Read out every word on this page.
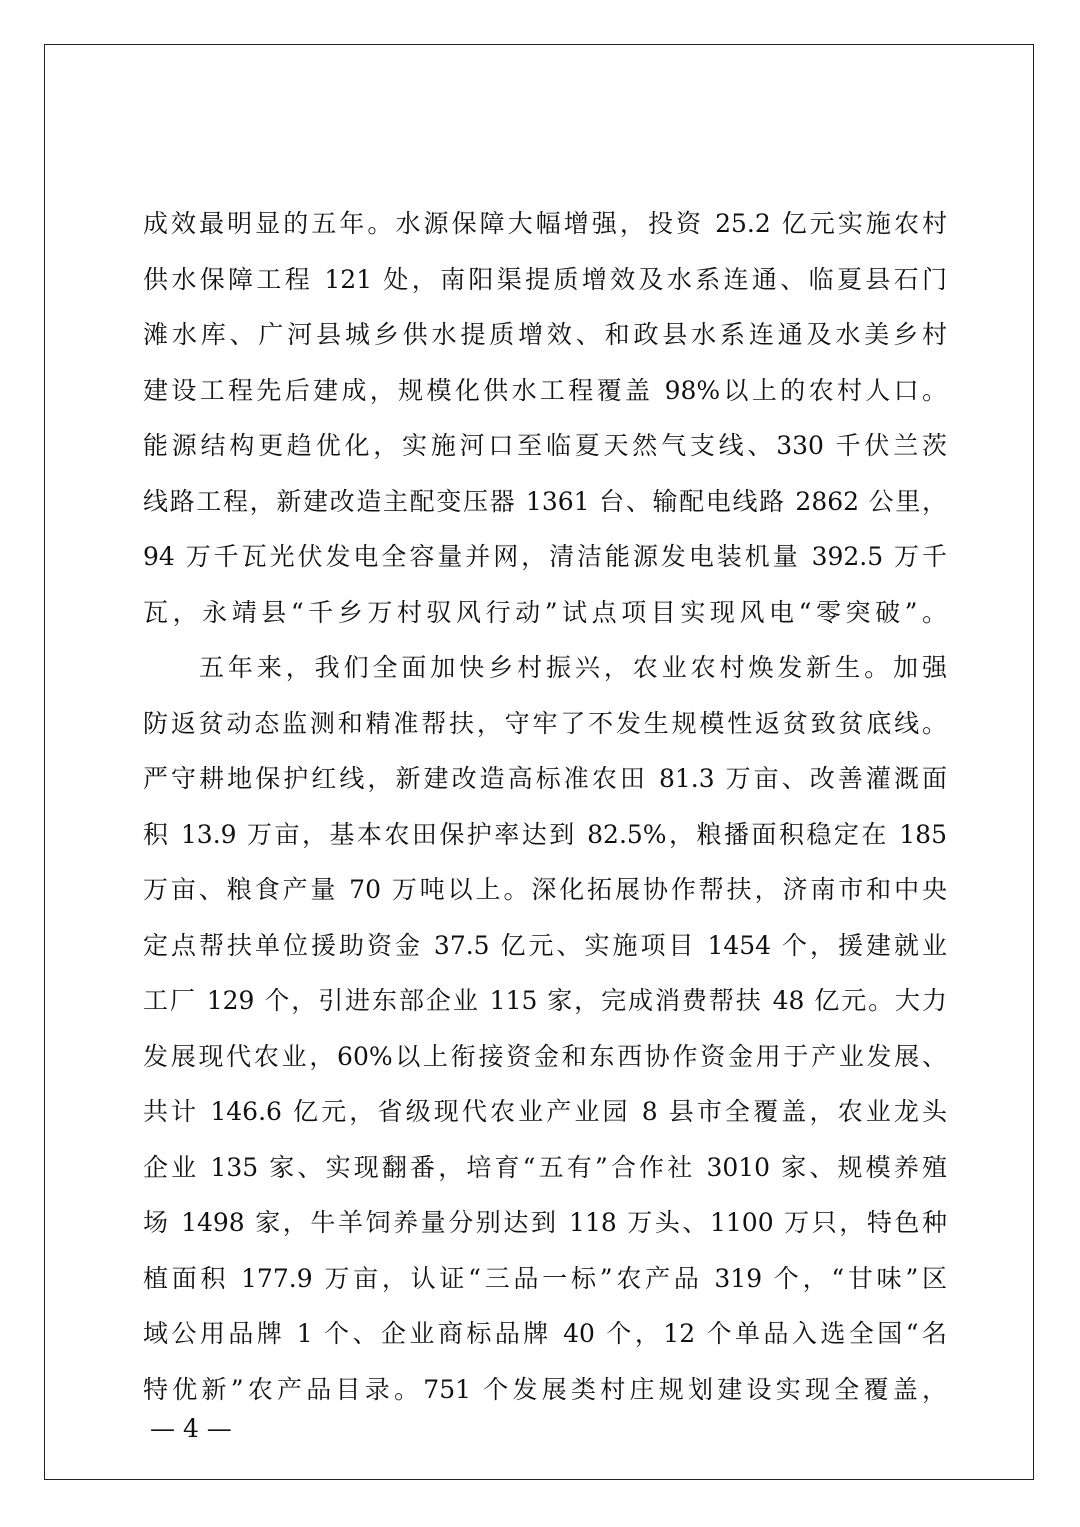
成效最明显的五年。水源保障大幅增强，投资 25.2 亿元实施农村
供水保障工程 121 处，南阳渠提质增效及水系连通、临夏县石门
滩水库、广河县城乡供水提质增效、和政县水系连通及水美乡村
建设工程先后建成，规模化供水工程覆盖 98%以上的农村人口。
能源结构更趋优化，实施河口至临夏天然气支线、330 千伏兰茨
线路工程，新建改造主配变压器 1361 台、输配电线路 2862 公里，
94 万千瓦光伏发电全容量并网，清洁能源发电装机量 392.5 万千
瓦，永靖县“千乡万村驭风行动”试点项目实现风电“零突破”。
五年来，我们全面加快乡村振兴，农业农村焕发新生。加强
防返贫动态监测和精准帮扶，守牢了不发生规模性返贫致贫底线。
严守耕地保护红线，新建改造高标准农田 81.3 万亩、改善灌溉面
积 13.9 万亩，基本农田保护率达到 82.5%，粮播面积稳定在 185
万亩、粮食产量 70 万吨以上。深化拓展协作帮扶，济南市和中央
定点帮扶单位援助资金 37.5 亿元、实施项目 1454 个，援建就业
工厂 129 个，引进东部企业 115 家，完成消费帮扶 48 亿元。大力
发展现代农业，60%以上衔接资金和东西协作资金用于产业发展、
共计 146.6 亿元，省级现代农业产业园 8 县市全覆盖，农业龙头
企业 135 家、实现翻番，培育“五有”合作社 3010 家、规模养殖
场 1498 家，牛羊饲养量分别达到 118 万头、1100 万只，特色种
植面积 177.9 万亩，认证“三品一标”农产品 319 个，“甘味”区
域公用品牌 1 个、企业商标品牌 40 个，12 个单品入选全国“名
特优新”农产品目录。751 个发展类村庄规划建设实现全覆盖，
— 4 —
